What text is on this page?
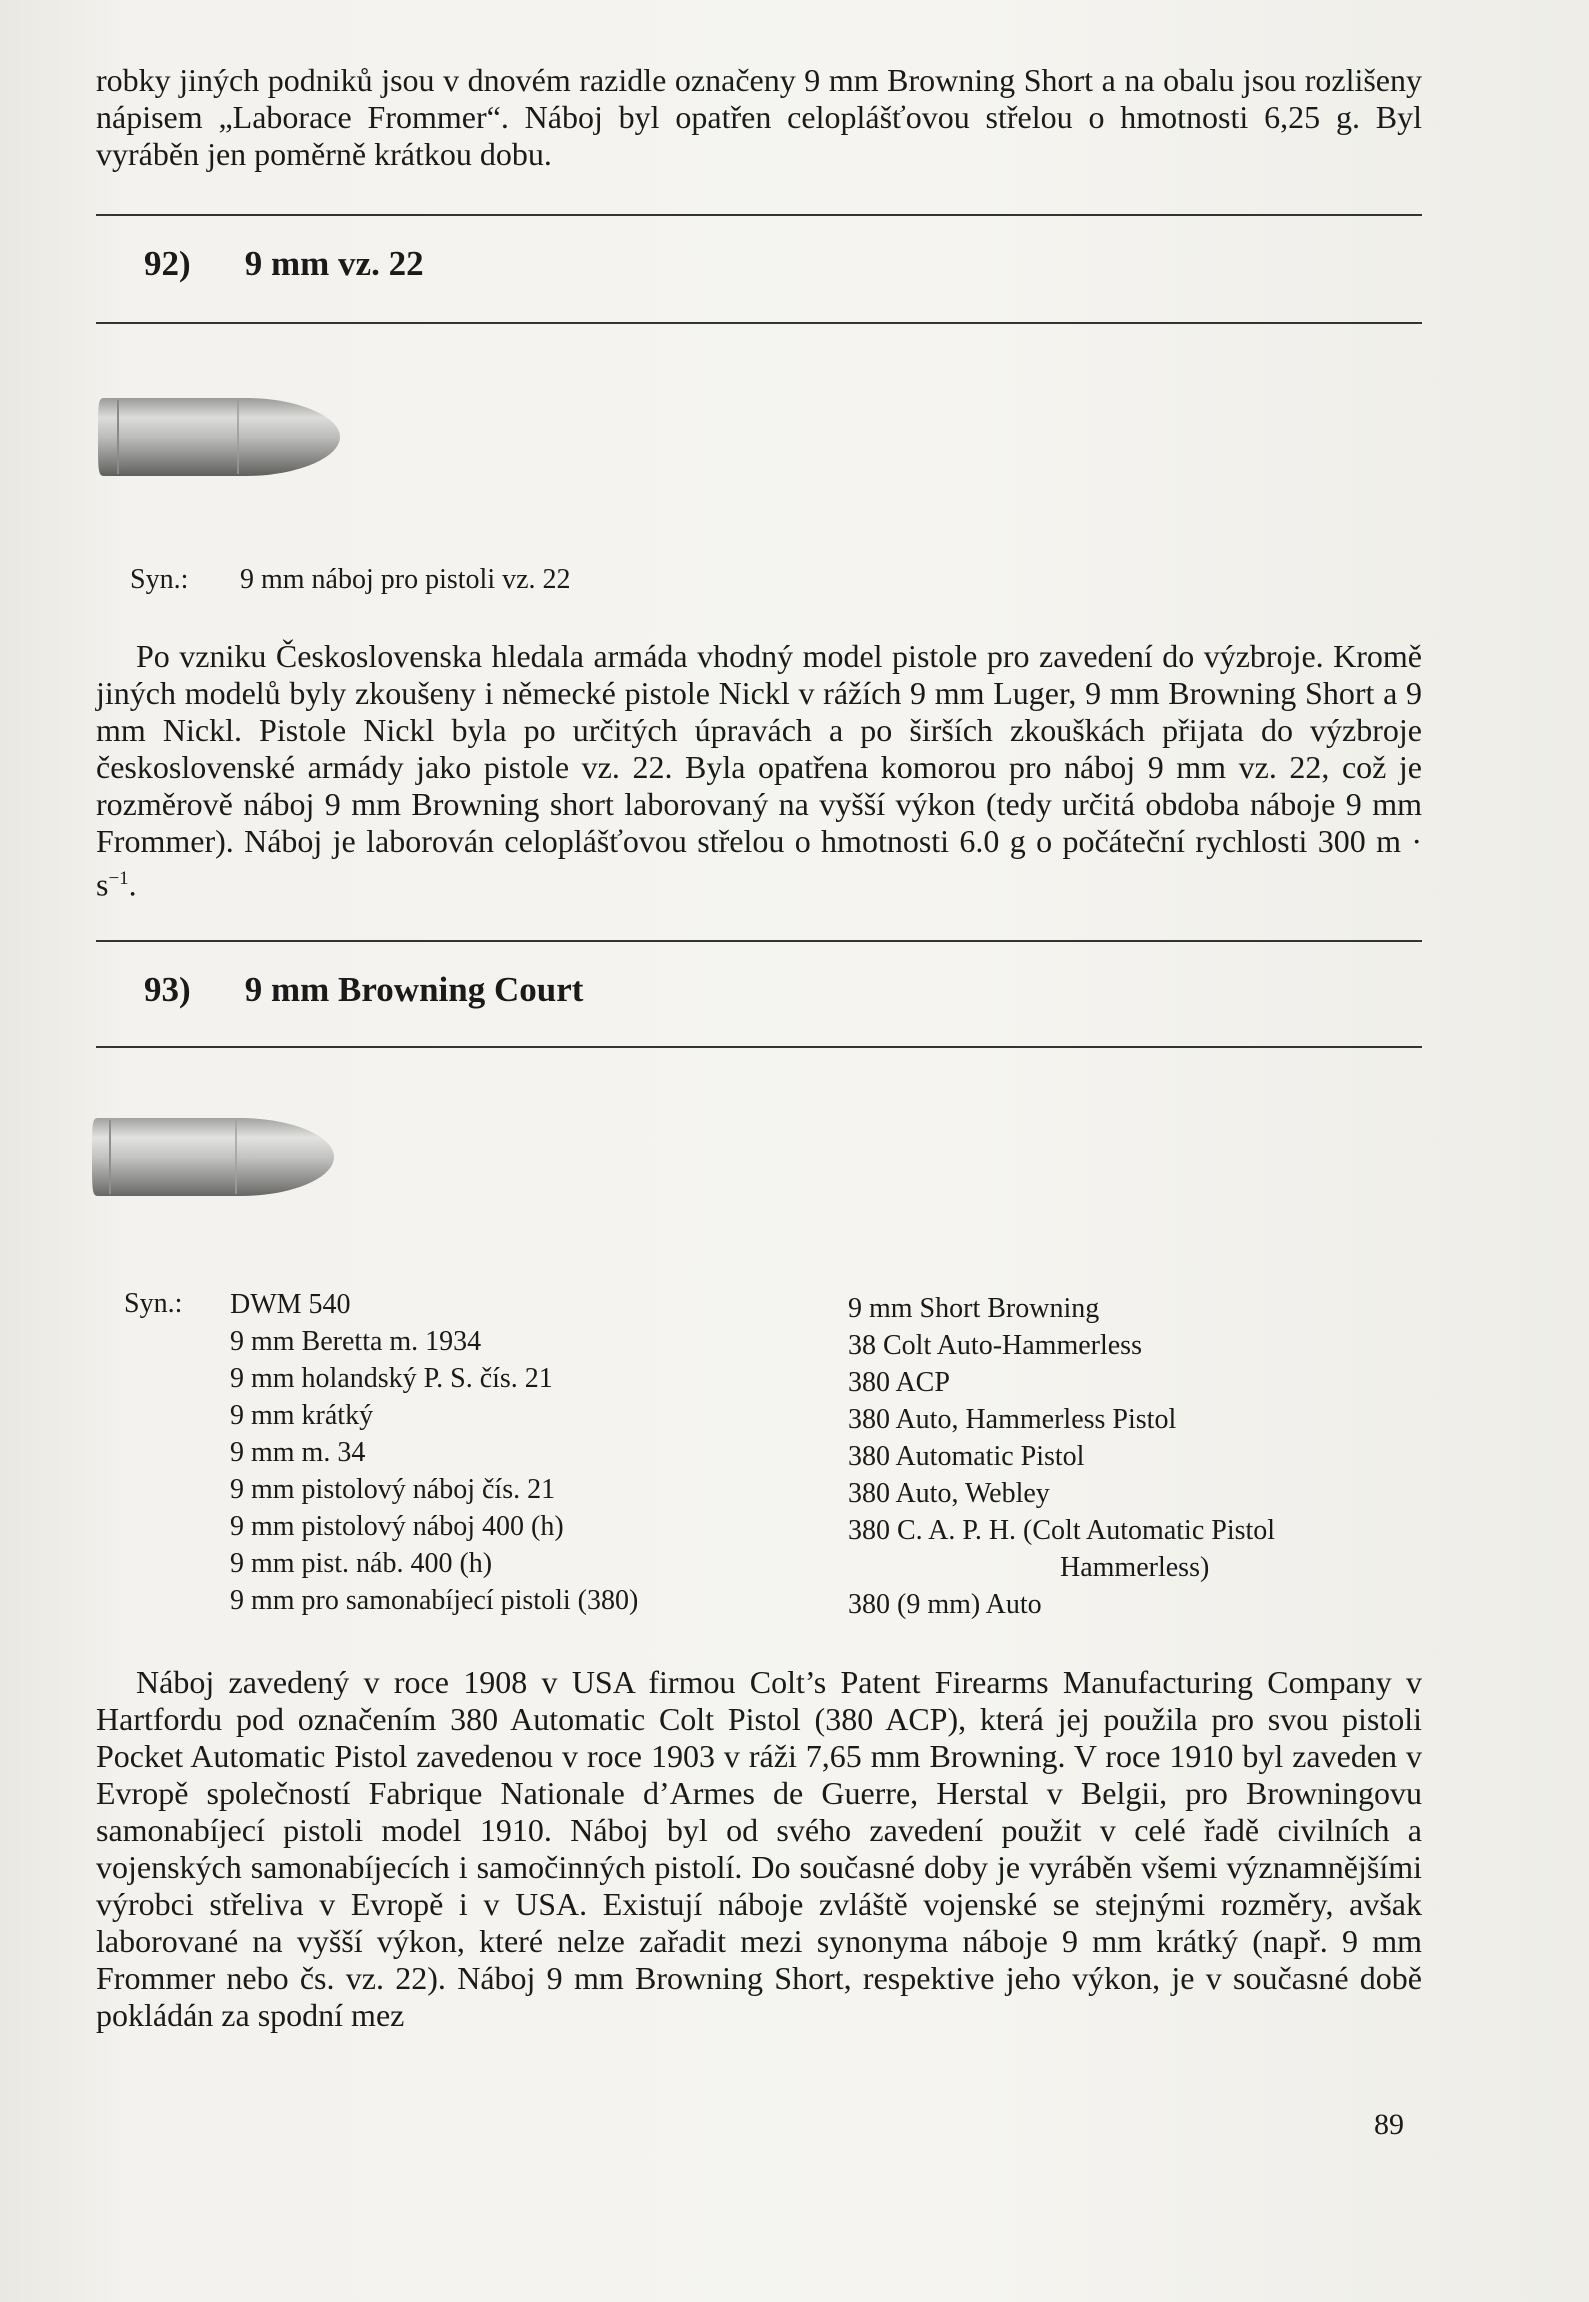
robky jiných podniků jsou v dnovém razidle označeny 9 mm Browning Short a na obalu jsou rozlišeny nápisem „Laborace Frommer“. Náboj byl opatřen celoplášťovou střelou o hmotnosti 6,25 g. Byl vyráběn jen poměrně krátkou dobu.

92) 9 mm vz. 22
Syn.: 9 mm náboj pro pistoli vz. 22

Po vzniku Československa hledala armáda vhodný model pistole pro zavedení do výzbroje. Kromě jiných modelů byly zkoušeny i německé pistole Nickl v rážích 9 mm Luger, 9 mm Browning Short a 9 mm Nickl. Pistole Nickl byla po určitých úpravách a po širších zkouškách přijata do výzbroje československé armády jako pistole vz. 22. Byla opatřena komorou pro náboj 9 mm vz. 22, což je rozměrově náboj 9 mm Browning short laborovaný na vyšší výkon (tedy určitá obdoba náboje 9 mm Frommer). Náboj je laborován celoplášťovou střelou o hmotnosti 6.0 g o počáteční rychlosti 300 $m \cdot s^{-1}$.

93) 9 mm Browning Court
Syn.: DWM 540
9 mm Beretta m. 1934
9 mm holandský P. S. čís. 21
9 mm krátký
9 mm m. 34
9 mm pistolový náboj čís. 21
9 mm pistolový náboj 400 (h)
9 mm pist. náb. 400 (h)
9 mm pro samonabíjecí pistoli (380)
9 mm Short Browning
38 Colt Auto-Hammerless
380 ACP
380 Auto, Hammerless Pistol
380 Automatic Pistol
380 Auto, Webley
380 C. A. P. H. (Colt Automatic Pistol
Hammerless)
380 (9 mm) Auto

Náboj zavedený v roce 1908 v USA firmou Colt’s Patent Firearms Manufacturing Company v Hartfordu pod označením 380 Automatic Colt Pistol (380 ACP), která jej použila pro svou pistoli Pocket Automatic Pistol zavedenou v roce 1903 v ráži 7,65 mm Browning. V roce 1910 byl zaveden v Evropě společností Fabrique Nationale d’Armes de Guerre, Herstal v Belgii, pro Browningovu samonabíjecí pistoli model 1910. Náboj byl od svého zavedení použit v celé řadě civilních a vojenských samonabíjecích i samočinných pistolí. Do současné doby je vyráběn všemi významnějšími výrobci střeliva v Evropě i v USA. Existují náboje zvláště vojenské se stejnými rozměry, avšak laborované na vyšší výkon, které nelze zařadit mezi synonyma náboje 9 mm krátký (např. 9 mm Frommer nebo čs. vz. 22). Náboj 9 mm Browning Short, respektive jeho výkon, je v současné době pokládán za spodní mez

89
